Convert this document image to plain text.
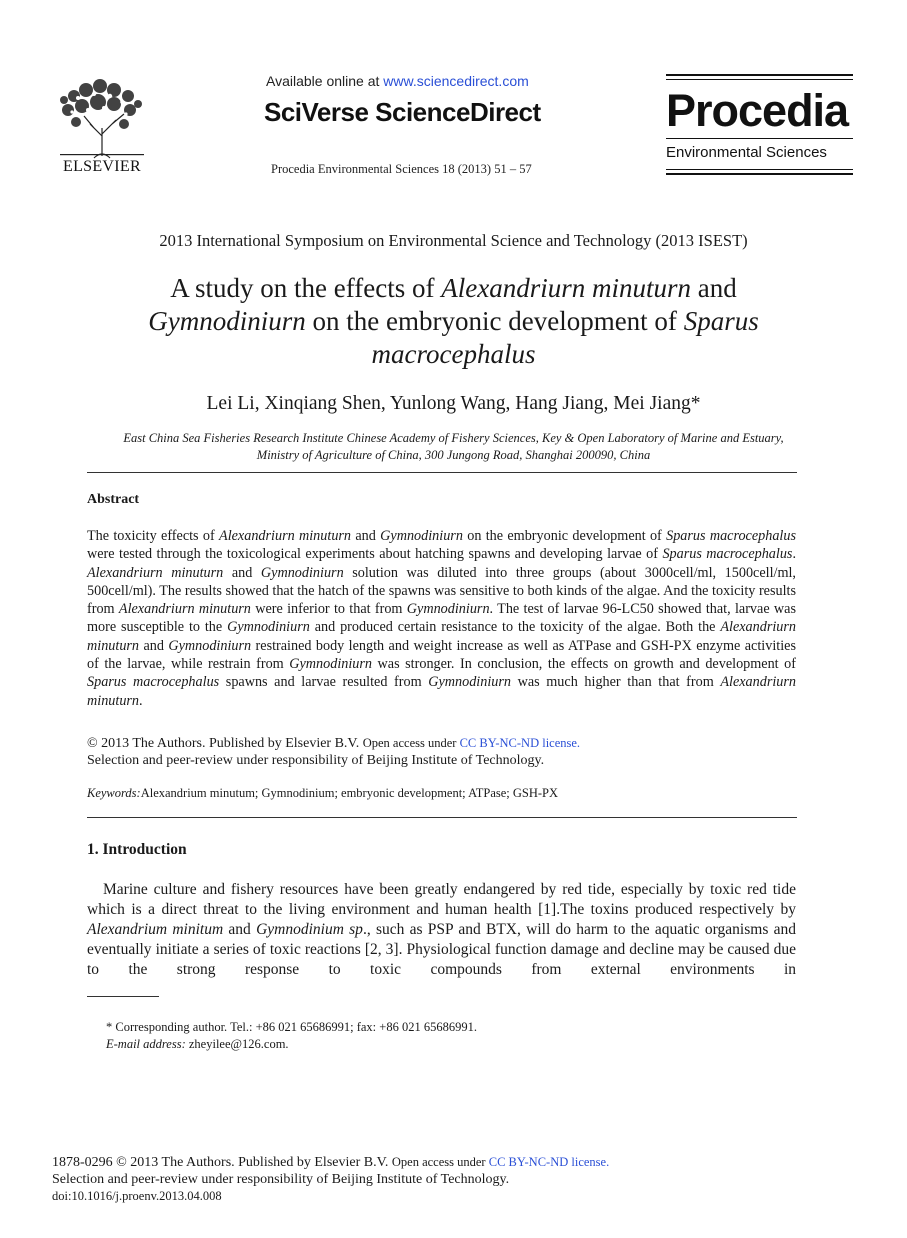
ELSEVIER
Available online at www.sciencedirect.com
SciVerse ScienceDirect
Procedia Environmental Sciences 18 (2013) 51 – 57
Procedia
Environmental Sciences
2013 International Symposium on Environmental Science and Technology (2013 ISEST)
A study on the effects of Alexandriurn minuturn and
Gymnodiniurn on the embryonic development of Sparus
macrocephalus
Lei Li, Xinqiang Shen, Yunlong Wang, Hang Jiang, Mei Jiang*
East China Sea Fisheries Research Institute Chinese Academy of Fishery Sciences, Key & Open Laboratory of Marine and Estuary,
Ministry of Agriculture of China, 300 Jungong Road, Shanghai 200090, China
Abstract
The toxicity effects of Alexandriurn minuturn and Gymnodiniurn on the embryonic development of Sparus macrocephalus were tested through the toxicological experiments about hatching spawns and developing larvae of Sparus macrocephalus. Alexandriurn minuturn and Gymnodiniurn solution was diluted into three groups (about 3000cell/ml, 1500cell/ml, 500cell/ml). The results showed that the hatch of the spawns was sensitive to both kinds of the algae. And the toxicity results from Alexandriurn minuturn were inferior to that from Gymnodiniurn. The test of larvae 96-LC50 showed that, larvae was more susceptible to the Gymnodiniurn and produced certain resistance to the toxicity of the algae. Both the Alexandriurn minuturn and Gymnodiniurn restrained body length and weight increase as well as ATPase and GSH-PX enzyme activities of the larvae, while restrain from Gymnodiniurn was stronger. In conclusion, the effects on growth and development of Sparus macrocephalus spawns and larvae resulted from Gymnodiniurn was much higher than that from Alexandriurn minuturn.
© 2013 The Authors. Published by Elsevier B.V. Open access under CC BY-NC-ND license.
Selection and peer-review under responsibility of Beijing Institute of Technology.
Keywords:Alexandrium minutum; Gymnodinium; embryonic development; ATPase; GSH-PX
1. Introduction

Marine culture and fishery resources have been greatly endangered by red tide, especially by toxic red tide which is a direct threat to the living environment and human health [1].The toxins produced respectively by Alexandrium minitum and Gymnodinium sp., such as PSP and BTX, will do harm to the aquatic organisms and eventually initiate a series of toxic reactions [2, 3]. Physiological function damage and decline may be caused due to the strong response to toxic compounds from external environments in

* Corresponding author. Tel.: +86 021 65686991; fax: +86 021 65686991.
E-mail address: zheyilee@126.com.
1878-0296 © 2013 The Authors. Published by Elsevier B.V. Open access under CC BY-NC-ND license.
Selection and peer-review under responsibility of Beijing Institute of Technology.
doi:10.1016/j.proenv.2013.04.008
